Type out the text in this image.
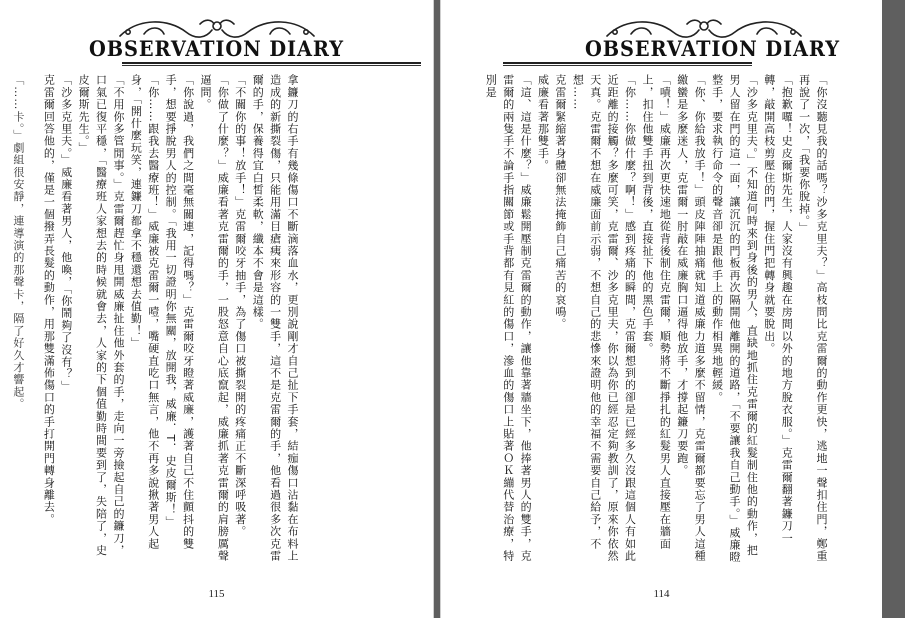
OBSERVATION DIARY

拿鐮刀的右手有幾條傷口不斷滴落血水，更別說剛才自己扯下手套，結痂傷口沾黏在布料上造成的新撕裂傷，只能用滿目瘡痍來形容的一雙手，這不是克雷爾的手，他看過很多次克雷爾的手，保養得宜白皙柔軟，纖本不會是這樣。

「不關你的事！放手！」克雷爾咬牙抽手，為了傷口被撕裂開的疼痛正不斷深呼吸著。

「你做了什麼？」威廉看著克雷爾的手，一股怒意自心底竄起，威廉抓著克雷爾的肩膀厲聲逼問。

「你說過，我們之間毫無關連，記得嗎？」克雷爾咬牙瞪著威廉，護著自己不住顫抖的雙手，想要掙脫男人的控制。「我用一切證明你無關，放開我，威廉．T．史皮爾斯！」

「你……跟我去醫療班！」威廉被克雷爾一噎，嘴硬直吃口無言，他不再多說揪著男人起身，「開什麼玩笑，連鐮刀都拿不穩還想去值勤！」

「不用你多管閒事。」克雷爾趕忙身甩開威廉扯住他外套的手，走向一旁撿起自己的鐮刀，口氣已復平穩，「醫療班人家想去的時候就會去，人家的下個值勤時間要到了，失陪了，史皮爾斯先生。」

「沙多克里夫。」威廉看著男人，他喚，「你鬧夠了沒有？」

克雷爾回答他的，僅是一個撥弄長髮的動作，用那雙滿佈傷口的手打開門轉身離去。

「……卡。」劇組很安靜，連導演的那聲卡，隔了好久才響起。

115
OBSERVATION DIARY

「你沒聽見我的話嗎？沙多克里夫？」高枝問比克雷爾的動作更快，逃地一聲扣住門，鄭重再說了一次，「我要你脫掉。」

「抱歉囉！史皮爾斯先生，人家沒有興趣在房間以外的地方脫衣服。」克雷爾翻著鐮刀一轉，敲開高枝剪壓住的門，握住門把轉身就要脫出。

「沙多克里夫。」不知道何時來到身後的男人，直缺地抓住克雷爾的紅髮制住他的動作，把男人留在門的這一面，讓沉沉的門板再次隔開他離開的道路，「不要讓我自己動手。」威廉瞪整手，要求執行命令的聲音卻是跟他手上的動作相異地輕緩。

「你、你給我放手！」頭皮陣陣抽痛就知道威廉力道多麼不留情，克雷爾都要忘了男人這種繳蠻是多麼迷人，克雷爾一肘敲在威廉胸口逼得他放手，才撐起鐮刀要跑。

「嘖！」威廉再次更快速地從背後制住克雷爾，順勢將不斷掙扎的紅髮男人直接壓在牆面上，扣住他雙手扭到背後，直接扯下他的黑色手套。

「你……你做什麼？啊！」感到疼痛的瞬間，克雷爾想到的卻是已經多久沒跟這個人有如此近距離的接觸？多麼可笑，克雷爾、沙多克里夫，你以為你已經忍定夠教訓了，原來你依然天真。克雷爾不想在威廉面前示弱，不想自己的悲慘來證明他的幸福不需要自己給予，不想……

克雷爾緊縮著身體卻無法掩飾自己痛苦的哀鳴。

威廉看著那雙手。

「這、這是什麼？」威廉鬆開壓制克雷爾的動作，讓他靠著牆坐下，他捧著男人的雙手，克雷爾的兩隻手不論手指關節或手背都有見紅的傷口，滲血的傷口上貼著ＯＫ繃代替治療，特別是

114
